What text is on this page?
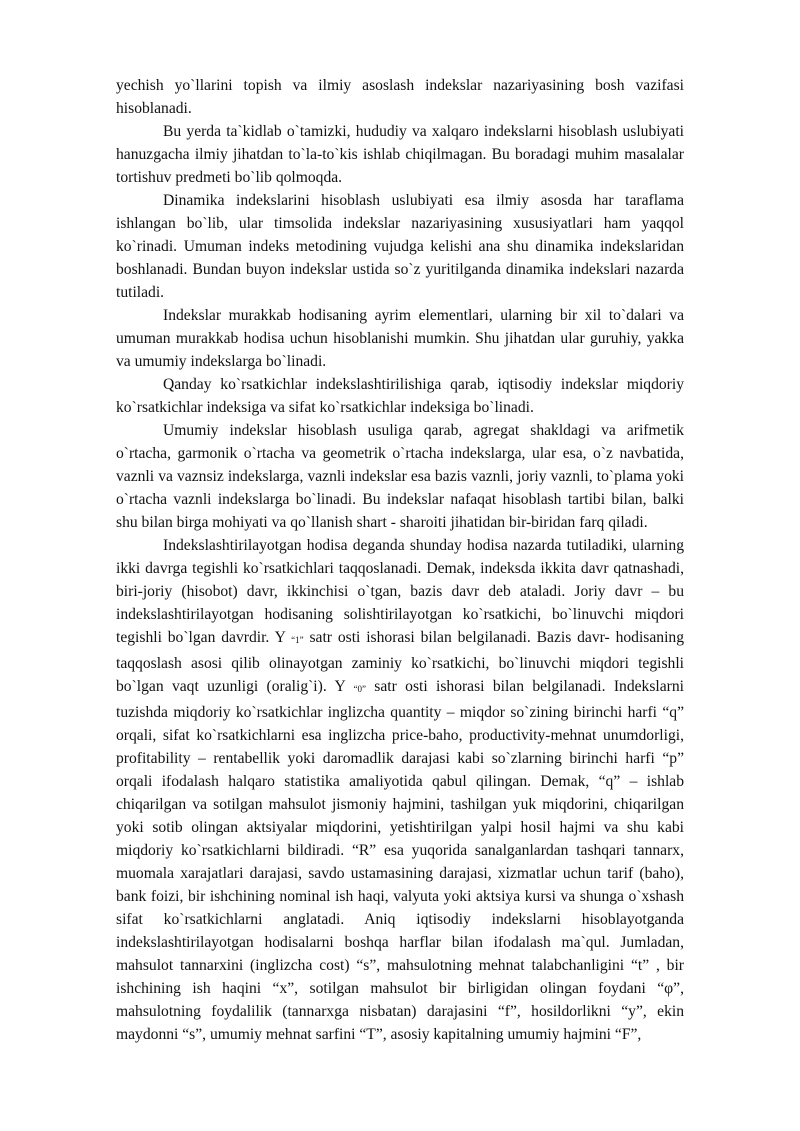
yechish yo`llarini topish va ilmiy asoslash indekslar nazariyasining bosh vazifasi hisoblanadi.

Bu yerda ta`kidlab o`tamizki, hududiy va xalqaro indekslarni hisoblash uslubiyati hanuzgacha ilmiy jihatdan to`la-to`kis ishlab chiqilmagan. Bu boradagi muhim masalalar tortishuv predmeti bo`lib qolmoqda.

Dinamika indekslarini hisoblash uslubiyati esa ilmiy asosda har taraflama ishlangan bo`lib, ular timsolida indekslar nazariyasining xususiyatlari ham yaqqol ko`rinadi. Umuman indeks metodining vujudga kelishi ana shu dinamika indekslaridan boshlanadi. Bundan buyon indekslar ustida so`z yuritilganda dinamika indekslari nazarda tutiladi.

Indekslar murakkab hodisaning ayrim elementlari, ularning bir xil to`dalari va umuman murakkab hodisa uchun hisoblanishi mumkin. Shu jihatdan ular guruhiy, yakka va umumiy indekslarga bo`linadi.

Qanday ko`rsatkichlar indekslashtirilishiga qarab, iqtisodiy indekslar miqdoriy ko`rsatkichlar indeksiga va sifat ko`rsatkichlar indeksiga bo`linadi.

Umumiy indekslar hisoblash usuliga qarab, agregat shakldagi va arifmetik o`rtacha, garmonik o`rtacha va geometrik o`rtacha indekslarga, ular esa, o`z navbatida, vaznli va vaznsiz indekslarga, vaznli indekslar esa bazis vaznli, joriy vaznli, to`plama yoki o`rtacha vaznli indekslarga bo`linadi. Bu indekslar nafaqat hisoblash tartibi bilan, balki shu bilan birga mohiyati va qo`llanish shart - sharoiti jihatidan bir-biridan farq qiladi.

Indekslashtirilayotgan hodisa deganda shunday hodisa nazarda tutiladiki, ularning ikki davrga tegishli ko`rsatkichlari taqqoslanadi. Demak, indeksda ikkita davr qatnashadi, biri-joriy (hisobot) davr, ikkinchisi o`tgan, bazis davr deb ataladi. Joriy davr – bu indekslashtirilayotgan hodisaning solishtirilayotgan ko`rsatkichi, bo`linuvchi miqdori tegishli bo`lgan davrdir. Y $_{“1”}$ satr osti ishorasi bilan belgilanadi. Bazis davr- hodisaning taqqoslash asosi qilib olinayotgan zaminiy ko`rsatkichi, bo`linuvchi miqdori tegishli bo`lgan vaqt uzunligi (oralig`i). Y $_{“0”}$ satr osti ishorasi bilan belgilanadi. Indekslarni tuzishda miqdoriy ko`rsatkichlar inglizcha quantity – miqdor so`zining birinchi harfi “q” orqali, sifat ko`rsatkichlarni esa inglizcha price-baho, productivity-mehnat unumdorligi, profitability – rentabellik yoki daromadlik darajasi kabi so`zlarning birinchi harfi “p” orqali ifodalash halqaro statistika amaliyotida qabul qilingan. Demak, “q” – ishlab chiqarilgan va sotilgan mahsulot jismoniy hajmini, tashilgan yuk miqdorini, chiqarilgan yoki sotib olingan aktsiyalar miqdorini, yetishtirilgan yalpi hosil hajmi va shu kabi miqdoriy ko`rsatkichlarni bildiradi. “R” esa yuqorida sanalganlardan tashqari tannarx, muomala xarajatlari darajasi, savdo ustamasining darajasi, xizmatlar uchun tarif (baho), bank foizi, bir ishchining nominal ish haqi, valyuta yoki aktsiya kursi va shunga o`xshash sifat ko`rsatkichlarni anglatadi. Aniq iqtisodiy indekslarni hisoblayotganda indekslashtirilayotgan hodisalarni boshqa harflar bilan ifodalash ma`qul. Jumladan, mahsulot tannarxini (inglizcha cost) “s”, mahsulotning mehnat talabchanligini “t” , bir ishchining ish haqini “x”, sotilgan mahsulot bir birligidan olingan foydani “φ”, mahsulotning foydalilik (tannarxga nisbatan) darajasini “f”, hosildorlikni “y”, ekin maydonni “s”, umumiy mehnat sarfini “T”, asosiy kapitalning umumiy hajmini “F”,
